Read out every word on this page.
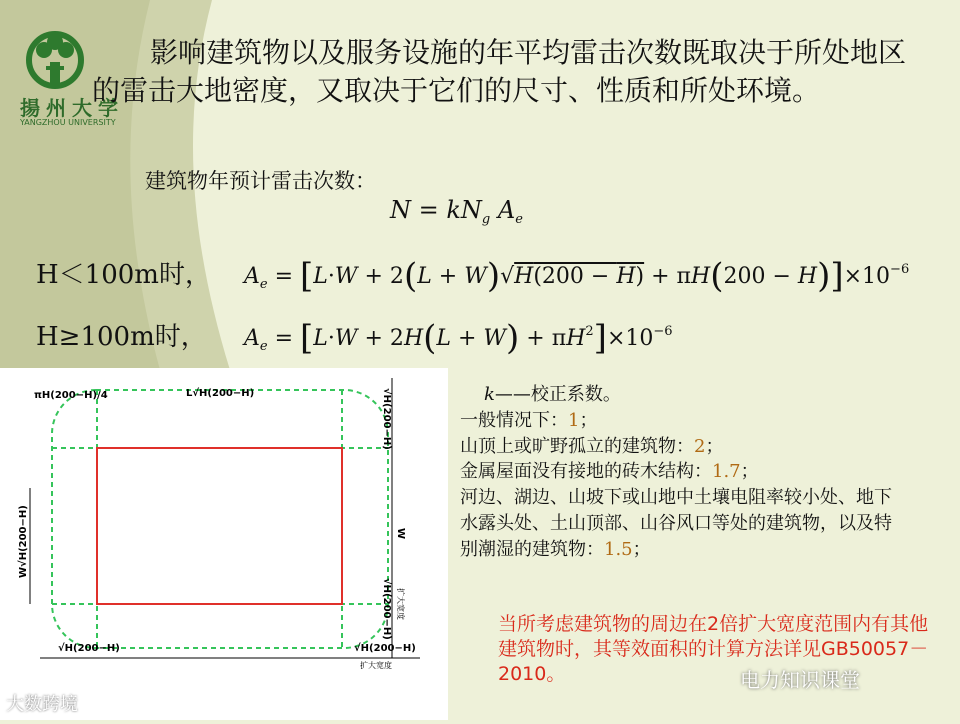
揚州大学
YANGZHOU UNIVERSITY
影响建筑物以及服务设施的年平均雷击次数既取决于所处地区的雷击大地密度，又取决于它们的尺寸、性质和所处环境。
建筑物年预计雷击次数：
$N = kN_g$ $A_e$
H＜100m时， $A_e = [L\cdot W + 2(L + W)√H(200 - H) + \pi H(200 - H)]\times 10^{-6}$
H≥100m时， $A_e = [L\cdot W + 2H(L + W) + \pi H^2]\times 10^{-6}$
πH(200−H)/4	L√H(200−H)	√H(200−H)
W√H(200−H)	W
√H(200−H)
√H(200−H)	√H(200−H)
扩大宽度
扩大宽度
k——校正系数。
一般情况下：1；
山顶上或旷野孤立的建筑物：2；
金属屋面没有接地的砖木结构：1.7；
河边、湖边、山坡下或山地中土壤电阻率较小处、地下水露头处、土山顶部、山谷风口等处的建筑物，以及特别潮湿的建筑物：1.5；
当所考虑建筑物的周边在2倍扩大宽度范围内有其他建筑物时，其等效面积的计算方法详见GB50057－2010。
大数跨境
电力知识课堂
